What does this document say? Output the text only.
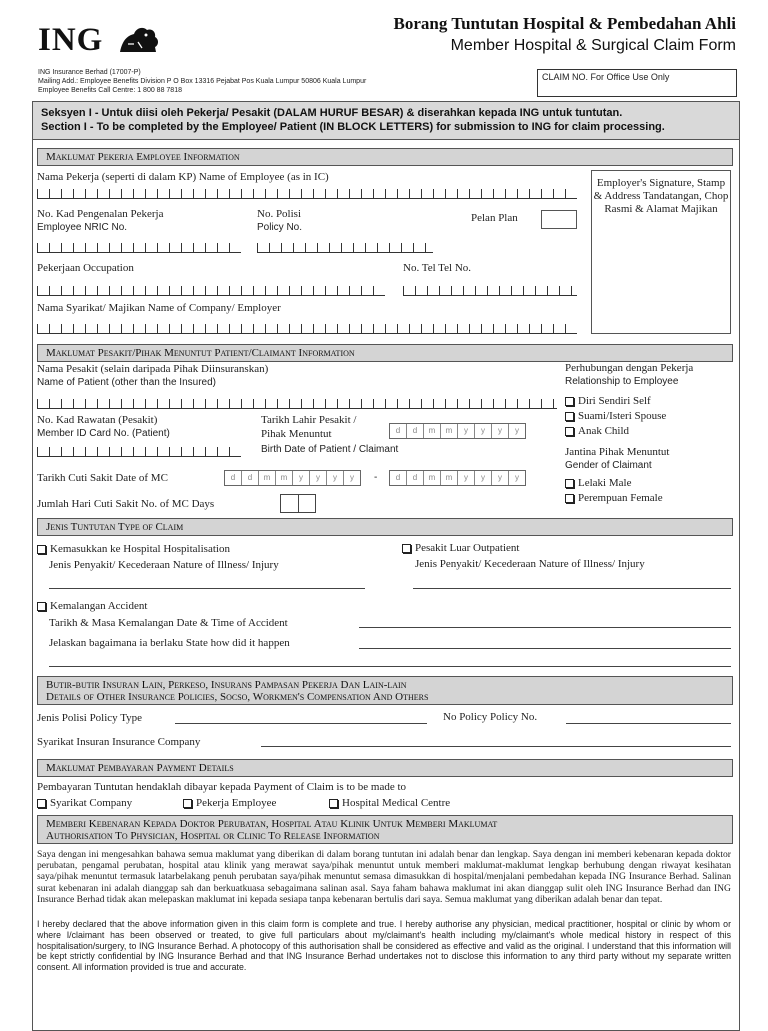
ING	Borang Tuntutan Hospital & Pembedahan Ahli
Member Hospital & Surgical Claim Form
ING Insurance Berhad (17007-P)
Mailing Add.: Employee Benefits Division P O Box 13316 Pejabat Pos Kuala Lumpur 50806 Kuala Lumpur
Employee Benefits Call Centre: 1 800 88 7818
CLAIM NO. For Office Use Only
Seksyen I - Untuk diisi oleh Pekerja/ Pesakit (DALAM HURUF BESAR) & diserahkan kepada ING untuk tuntutan.
Section I - To be completed by the Employee/ Patient (IN BLOCK LETTERS) for submission to ING for claim processing.
Maklumat Pekerja Employee Information
Nama Pekerja (seperti di dalam KP) Name of Employee (as in IC)
No. Kad Pengenalan Pekerja
Employee NRIC No.
No. Polisi
Policy No.
Pelan Plan
Pekerjaan Occupation	No. Tel Tel No.
Nama Syarikat/ Majikan Name of Company/ Employer
Employer's Signature, Stamp & Address Tandatangan, Chop Rasmi & Alamat Majikan
Maklumat Pesakit/Pihak Menuntut Patient/Claimant Information
Nama Pesakit (selain daripada Pihak Diinsuranskan)
Name of Patient (other than the Insured)
No. Kad Rawatan (Pesakit)
Member ID Card No. (Patient)
Tarikh Lahir Pesakit /
Pihak Menuntut
Birth Date of Patient / Claimant
d	d	m	m	y	y	y	y
Tarikh Cuti Sakit Date of MC	d	d	m	m	y	y	y	y	-	d	d	m	m	y	y	y	y
Jumlah Hari Cuti Sakit No. of MC Days
Perhubungan dengan Pekerja
Relationship to Employee
Diri Sendiri Self
Suami/Isteri Spouse
Anak Child
Jantina Pihak Menuntut
Gender of Claimant
Lelaki Male
Perempuan Female
Jenis Tuntutan Type of Claim
Kemasukkan ke Hospital Hospitalisation
Jenis Penyakit/ Kecederaan Nature of Illness/ Injury
Pesakit Luar Outpatient
Jenis Penyakit/ Kecederaan Nature of Illness/ Injury
Kemalangan Accident
Tarikh & Masa Kemalangan Date & Time of Accident
Jelaskan bagaimana ia berlaku State how did it happen
Butir-butir Insuran Lain, Perkeso, Insurans Pampasan Pekerja Dan Lain-lain
Details of Other Insurance Policies, Socso, Workmen's Compensation And Others
Jenis Polisi Policy Type	No Policy Policy No.
Syarikat Insuran Insurance Company
Maklumat Pembayaran Payment Details
Pembayaran Tuntutan hendaklah dibayar kepada Payment of Claim is to be made to
Syarikat Company	Pekerja Employee	Hospital Medical Centre
Memberi Kebenaran Kepada Doktor Perubatan, Hospital Atau Klinik Untuk Memberi Maklumat
Authorisation To Physician, Hospital or Clinic To Release Information
Saya dengan ini mengesahkan bahawa semua maklumat yang diberikan di dalam borang tuntutan ini adalah benar dan lengkap. Saya dengan ini memberi kebenaran kepada doktor perubatan, pengamal perubatan, hospital atau klinik yang merawat saya/pihak menuntut untuk memberi maklumat-maklumat lengkap berhubung dengan riwayat kesihatan saya/pihak menuntut termasuk latarbelakang penuh perubatan saya/pihak menuntut semasa dimasukkan di hospital/menjalani pembedahan kepada ING Insurance Berhad. Salinan surat kebenaran ini adalah dianggap sah dan berkuatkuasa sebagaimana salinan asal. Saya faham bahawa maklumat ini akan dianggap sulit oleh ING Insurance Berhad dan ING Insurance Berhad tidak akan melepaskan maklumat ini kepada sesiapa tanpa kebenaran bertulis dari saya. Semua maklumat yang diberikan adalah benar dan tepat.
I hereby declared that the above information given in this claim form is complete and true. I hereby authorise any physician, medical practitioner, hospital or clinic by whom or where I/claimant has been observed or treated, to give full particulars about my/claimant's health including my/claimant's whole medical history in respect of this hospitalisation/surgery, to ING Insurance Berhad. A photocopy of this authorisation shall be considered as effective and valid as the original. I understand that this information will be kept strictly confidential by ING Insurance Berhad and that ING Insurance Berhad undertakes not to disclose this information to any third party without my separate written consent. All information provided is true and accurate.
